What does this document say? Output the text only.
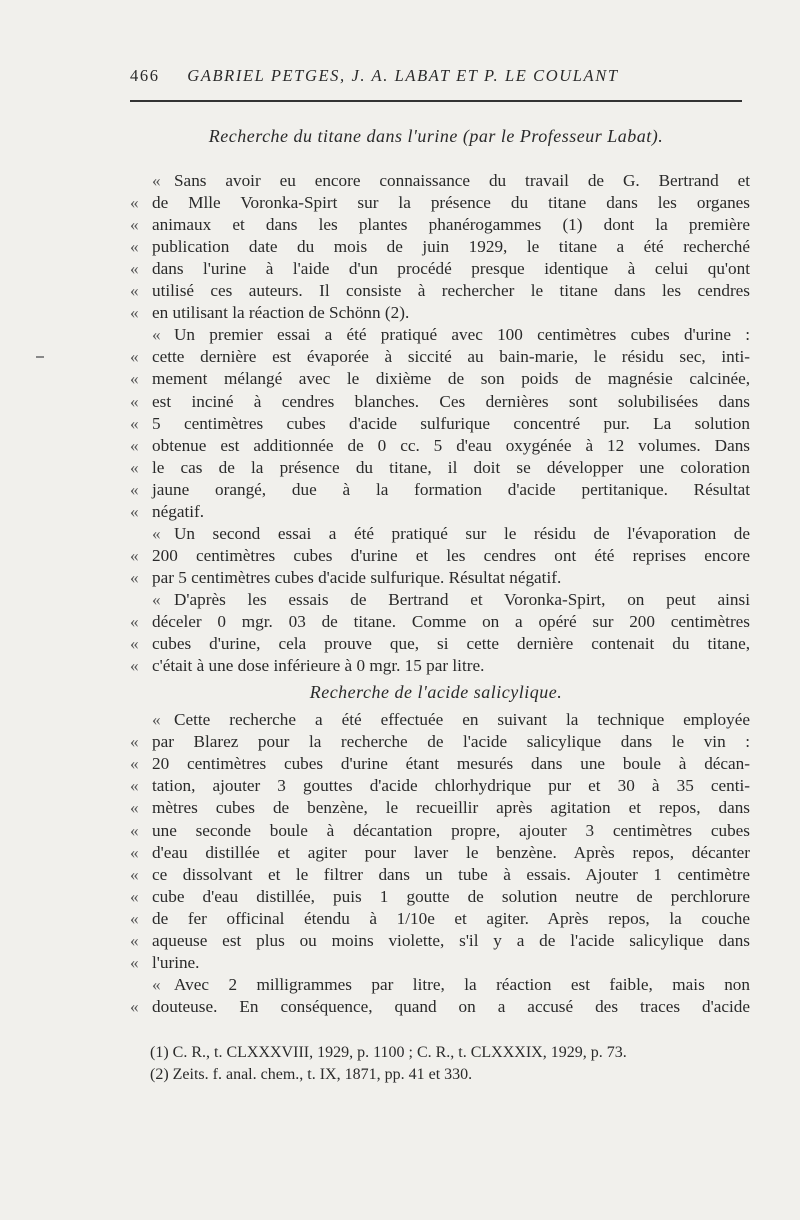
466 GABRIEL PETGES, J. A. LABAT ET P. LE COULANT
Recherche du titane dans l'urine (par le Professeur Labat).
« Sans avoir eu encore connaissance du travail de G. Bertrand et
« de Mlle Voronka-Spirt sur la présence du titane dans les organes
« animaux et dans les plantes phanérogammes (1) dont la première
« publication date du mois de juin 1929, le titane a été recherché
« dans l'urine à l'aide d'un procédé presque identique à celui qu'ont
« utilisé ces auteurs. Il consiste à rechercher le titane dans les cendres
« en utilisant la réaction de Schönn (2).
« Un premier essai a été pratiqué avec 100 centimètres cubes d'urine :
« cette dernière est évaporée à siccité au bain-marie, le résidu sec, inti-
« mement mélangé avec le dixième de son poids de magnésie calcinée,
« est inciné à cendres blanches. Ces dernières sont solubilisées dans
« 5 centimètres cubes d'acide sulfurique concentré pur. La solution
« obtenue est additionnée de 0 cc. 5 d'eau oxygénée à 12 volumes. Dans
« le cas de la présence du titane, il doit se développer une coloration
« jaune orangé, due à la formation d'acide pertitanique. Résultat
« négatif.
« Un second essai a été pratiqué sur le résidu de l'évaporation de
« 200 centimètres cubes d'urine et les cendres ont été reprises encore
« par 5 centimètres cubes d'acide sulfurique. Résultat négatif.
« D'après les essais de Bertrand et Voronka-Spirt, on peut ainsi
« déceler 0 mgr. 03 de titane. Comme on a opéré sur 200 centimètres
« cubes d'urine, cela prouve que, si cette dernière contenait du titane,
« c'était à une dose inférieure à 0 mgr. 15 par litre.
Recherche de l'acide salicylique.
« Cette recherche a été effectuée en suivant la technique employée
« par Blarez pour la recherche de l'acide salicylique dans le vin :
« 20 centimètres cubes d'urine étant mesurés dans une boule à décan-
« tation, ajouter 3 gouttes d'acide chlorhydrique pur et 30 à 35 centi-
« mètres cubes de benzène, le recueillir après agitation et repos, dans
« une seconde boule à décantation propre, ajouter 3 centimètres cubes
« d'eau distillée et agiter pour laver le benzène. Après repos, décanter
« ce dissolvant et le filtrer dans un tube à essais. Ajouter 1 centimètre
« cube d'eau distillée, puis 1 goutte de solution neutre de perchlorure
« de fer officinal étendu à 1/10e et agiter. Après repos, la couche
« aqueuse est plus ou moins violette, s'il y a de l'acide salicylique dans
« l'urine.
« Avec 2 milligrammes par litre, la réaction est faible, mais non
« douteuse. En conséquence, quand on a accusé des traces d'acide
(1) C. R., t. CLXXXVIII, 1929, p. 1100 ; C. R., t. CLXXXIX, 1929, p. 73.
(2) Zeits. f. anal. chem., t. IX, 1871, pp. 41 et 330.
